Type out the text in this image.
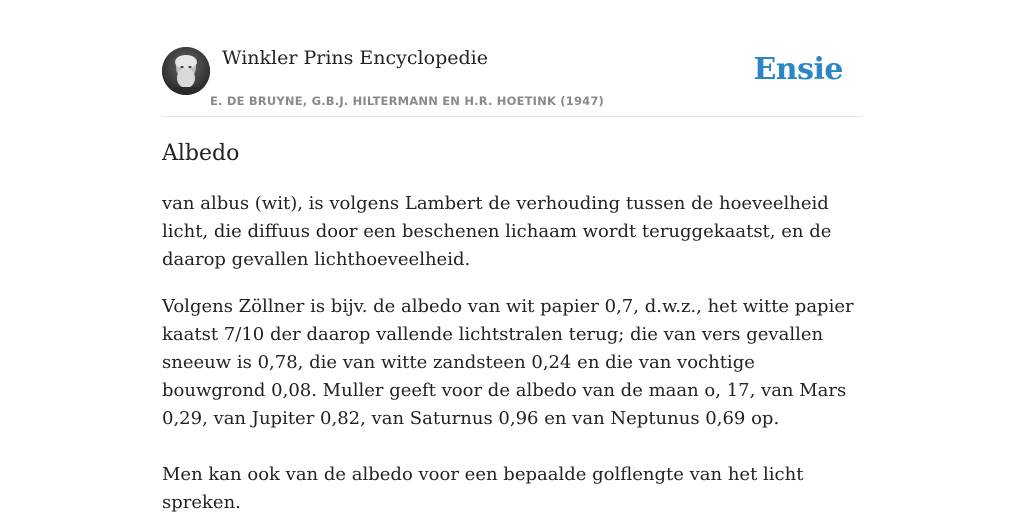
Winkler Prins Encyclopedie

E. DE BRUYNE, G.B.J. HILTERMANN EN H.R. HOETINK (1947)

Ensie
Albedo

van albus (wit), is volgens Lambert de verhouding tussen de hoeveelheid licht, die diffuus door een beschenen lichaam wordt teruggekaatst, en de daarop gevallen lichthoeveelheid.

Volgens Zöllner is bijv. de albedo van wit papier 0,7, d.w.z., het witte papier kaatst 7/10 der daarop vallende lichtstralen terug; die van vers gevallen sneeuw is 0,78, die van witte zandsteen 0,24 en die van vochtige bouwgrond 0,08. Muller geeft voor de albedo van de maan o, 17, van Mars 0,29, van Jupiter 0,82, van Saturnus 0,96 en van Neptunus 0,69 op.

Men kan ook van de albedo voor een bepaalde golflengte van het licht spreken.
